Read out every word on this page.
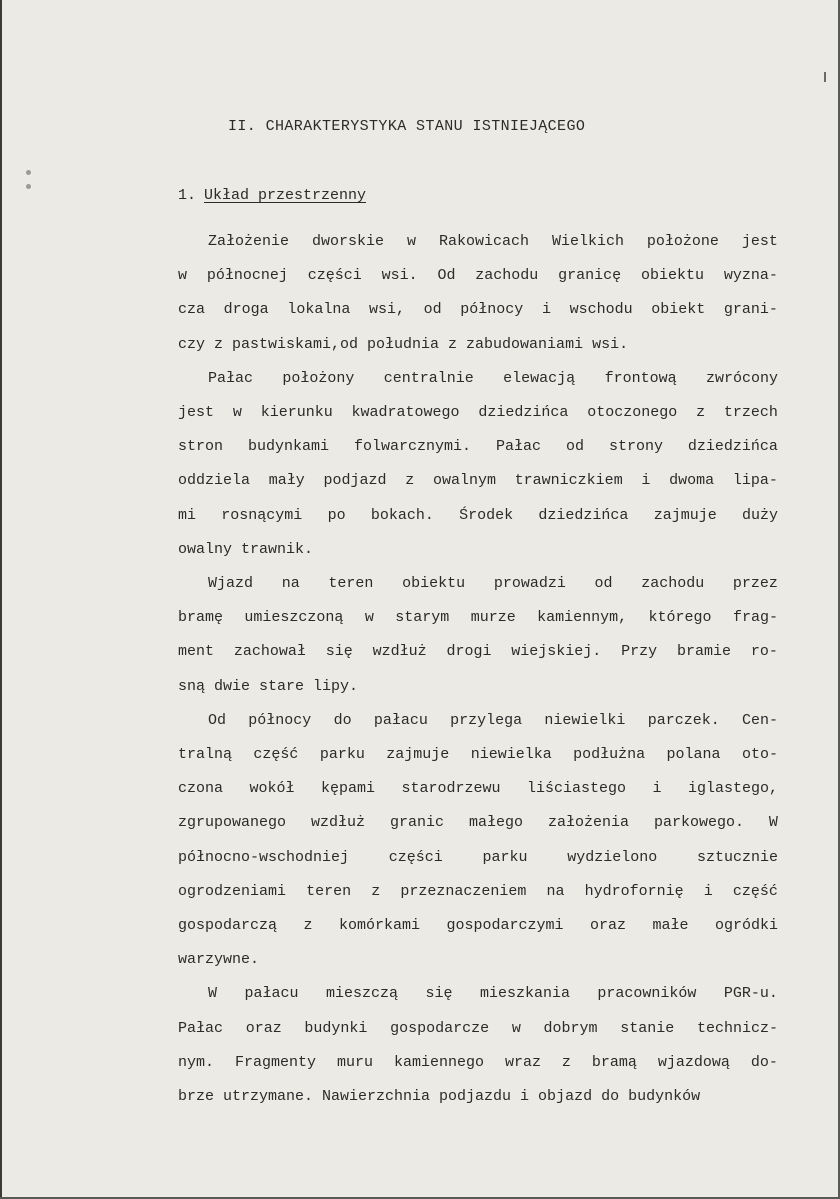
II. CHARAKTERYSTYKA STANU ISTNIEJĄCEGO
1. Układ przestrzenny
Założenie dworskie w Rakowicach Wielkich położone jest
w północnej części wsi. Od zachodu granicę obiektu wyzna-
cza droga lokalna wsi, od północy i wschodu obiekt grani-
czy z pastwiskami,od południa z zabudowaniami wsi.
Pałac położony centralnie elewacją frontową zwrócony
jest w kierunku kwadratowego dziedzińca otoczonego z trzech
stron budynkami folwarcznymi. Pałac od strony dziedzińca
oddziela mały podjazd z owalnym trawniczkiem i dwoma lipa-
mi rosnącymi po bokach. Środek dziedzińca zajmuje duży
owalny trawnik.
Wjazd na teren obiektu prowadzi od zachodu przez
bramę umieszczoną w starym murze kamiennym, którego frag-
ment zachował się wzdłuż drogi wiejskiej. Przy bramie ro-
sną dwie stare lipy.
Od północy do pałacu przylega niewielki parczek. Cen-
tralną część parku zajmuje niewielka podłużna polana oto-
czona wokół kępami starodrzewu liściastego i iglastego,
zgrupowanego wzdłuż granic małego założenia parkowego. W
północno-wschodniej	części	parku	wydzielono	sztucznie
ogrodzeniami teren z przeznaczeniem na hydrofornię i część
gospodarczą z komórkami gospodarczymi oraz małe ogródki
warzywne.
W pałacu mieszczą się mieszkania pracowników PGR-u.
Pałac oraz budynki gospodarcze w dobrym stanie technicz-
nym. Fragmenty muru kamiennego wraz z bramą wjazdową do-
brze utrzymane. Nawierzchnia podjazdu i objazd do budynków
